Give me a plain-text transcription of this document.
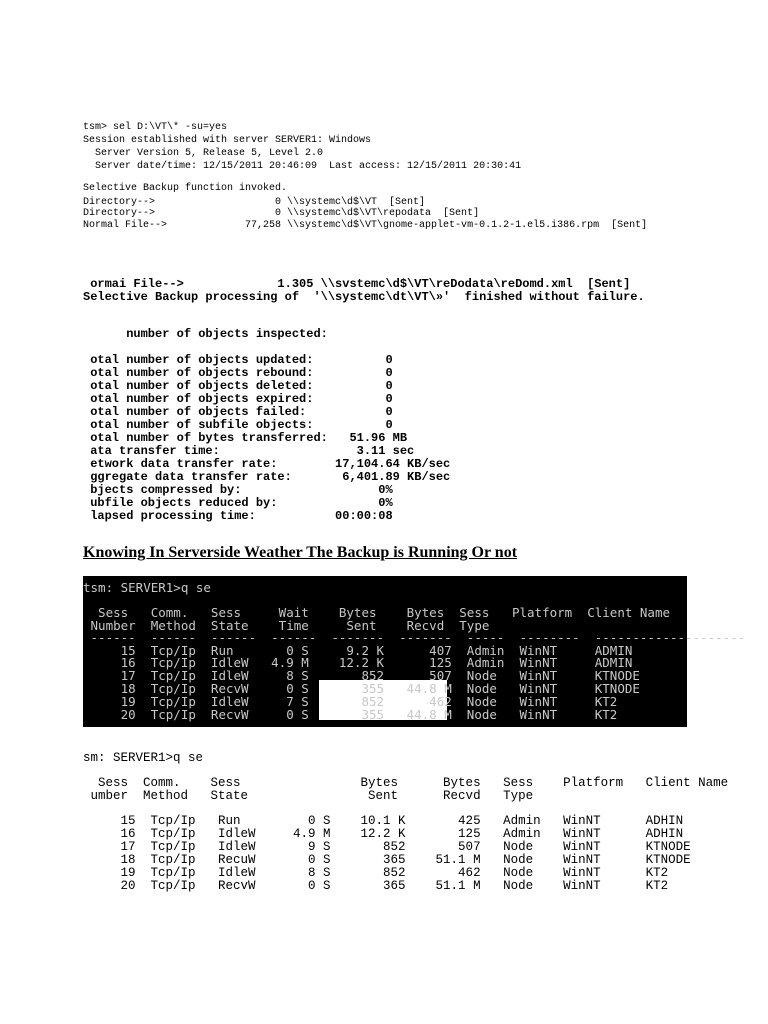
tsm> sel D:\VT\* -su=yes
Session established with server SERVER1: Windows
Server Version 5, Release 5, Level 2.0
Server date/time: 12/15/2011 20:46:09  Last access: 12/15/2011 20:30:41
Selective Backup function invoked.
Directory-->                    0 \\systemc\d$\VT  [Sent]
Directory-->                    0 \\systemc\d$\VT\repodata  [Sent]
Normal File-->             77,258 \\systemc\d$\VT\gnome-applet-vm-0.1.2-1.el5.i386.rpm  [Sent]
ormai File-->             1.305 \\svstemc\d$\VT\reDodata\reDomd.xml  [Sent]
Selective Backup processing of  '\\systemc\dt\VT\»'  finished without failure.
number of objects inspected:
otal number of objects updated:          0
otal number of objects rebound:          0
otal number of objects deleted:          0
otal number of objects expired:          0
otal number of objects failed:           0
otal number of subfile objects:          0
otal number of bytes transferred:   51.96 MB
ata transfer time:                   3.11 sec
etwork data transfer rate:        17,104.64 KB/sec
ggregate data transfer rate:       6,401.89 KB/sec
bjects compressed by:                   0%
ubfile objects reduced by:              0%
lapsed processing time:           00:00:08
Knowing In Serverside Weather The Backup is Running Or not
tsm: SERVER1>q se
Sess   Comm.   Sess     Wait    Bytes    Bytes  Sess   Platform  Client Name
Number  Method  State    Time     Sent    Recvd  Type
------  ------  ------  ------  -------  -------  -----  --------  --------------------
15  Tcp/Ip  Run       0 S     9.2 K      407  Admin  WinNT     ADMIN
16  Tcp/Ip  IdleW   4.9 M    12.2 K      125  Admin  WinNT     ADMIN
17  Tcp/Ip  IdleW     8 S       852      507  Node   WinNT     KTNODE
18  Tcp/Ip  RecvW     0 S       355   44.8 M  Node   WinNT     KTNODE
19  Tcp/Ip  IdleW     7 S       852      462  Node   WinNT     KT2
20  Tcp/Ip  RecvW     0 S       355   44.8 M  Node   WinNT     KT2
sm: SERVER1>q se
Sess  Comm.    Sess                Bytes      Bytes   Sess    Platform   Client Name
umber  Method   State                Sent      Recvd   Type
15  Tcp/Ip   Run         0 S    10.1 K       425   Admin   WinNT      ADHIN
16  Tcp/Ip   IdleW     4.9 M    12.2 K       125   Admin   WinNT      ADHIN
17  Tcp/Ip   IdleW       9 S       852       507   Node    WinNT      KTNODE
18  Tcp/Ip   RecuW       0 S       365    51.1 M   Node    WinNT      KTNODE
19  Tcp/Ip   IdleW       8 S       852       462   Node    WinNT      KT2
20  Tcp/Ip   RecvW       0 S       365    51.1 M   Node    WinNT      KT2
